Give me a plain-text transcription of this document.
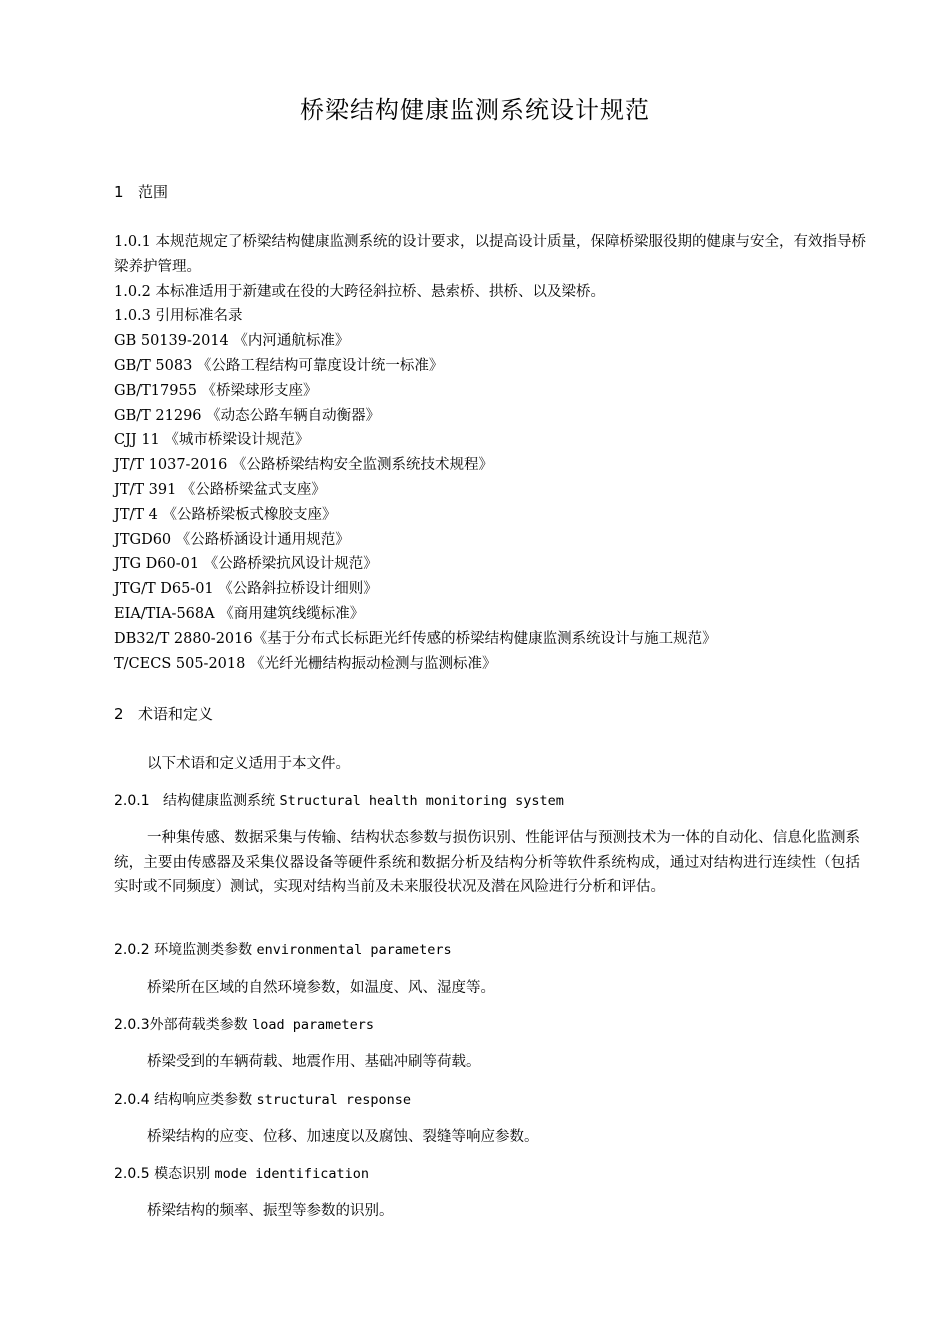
桥梁结构健康监测系统设计规范
1 范围
1.0.1 本规范规定了桥梁结构健康监测系统的设计要求，以提高设计质量，保障桥梁服役期的健康与安全，有效指导桥梁养护管理。
1.0.2 本标准适用于新建或在役的大跨径斜拉桥、悬索桥、拱桥、以及梁桥。
1.0.3 引用标准名录
GB 50139-2014 《内河通航标准》
GB/T 5083 《公路工程结构可靠度设计统一标准》
GB/T17955 《桥梁球形支座》
GB/T 21296 《动态公路车辆自动衡器》
CJJ 11 《城市桥梁设计规范》
JT/T 1037-2016 《公路桥梁结构安全监测系统技术规程》
JT/T 391 《公路桥梁盆式支座》
JT/T 4 《公路桥梁板式橡胶支座》
JTGD60 《公路桥涵设计通用规范》
JTG D60-01 《公路桥梁抗风设计规范》
JTG/T D65-01 《公路斜拉桥设计细则》
EIA/TIA-568A 《商用建筑线缆标准》
DB32/T 2880-2016《基于分布式长标距光纤传感的桥梁结构健康监测系统设计与施工规范》
T/CECS 505-2018 《光纤光栅结构振动检测与监测标准》
2 术语和定义
以下术语和定义适用于本文件。
2.0.1 结构健康监测系统 Structural health monitoring system
一种集传感、数据采集与传输、结构状态参数与损伤识别、性能评估与预测技术为一体的自动化、信息化监测系统，主要由传感器及采集仪器设备等硬件系统和数据分析及结构分析等软件系统构成，通过对结构进行连续性（包括实时或不同频度）测试，实现对结构当前及未来服役状况及潜在风险进行分析和评估。
2.0.2 环境监测类参数 environmental parameters
桥梁所在区域的自然环境参数，如温度、风、湿度等。
2.0.3外部荷载类参数 load parameters
桥梁受到的车辆荷载、地震作用、基础冲刷等荷载。
2.0.4 结构响应类参数 structural response
桥梁结构的应变、位移、加速度以及腐蚀、裂缝等响应参数。
2.0.5 模态识别 mode identification
桥梁结构的频率、振型等参数的识别。
